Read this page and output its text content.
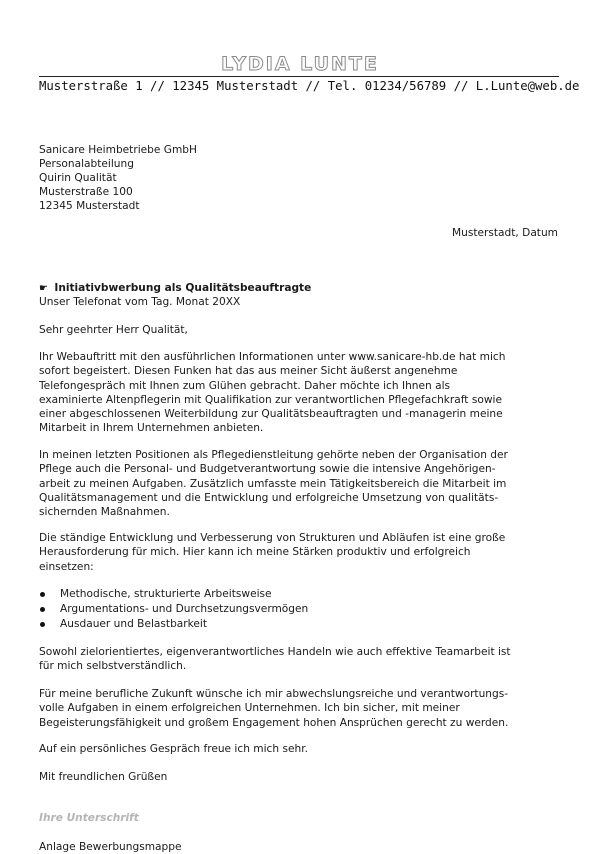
LYDIA LUNTE
Musterstraße 1 // 12345 Musterstadt // Tel. 01234/56789 // L.Lunte@web.de
Sanicare Heimbetriebe GmbH
Personalabteilung
Quirin Qualität
Musterstraße 100
12345 Musterstadt
Musterstadt, Datum
☛ Initiativbwerbung als Qualitätsbeauftragte
Unser Telefonat vom Tag. Monat 20XX
Sehr geehrter Herr Qualität,
Ihr Webauftritt mit den ausführlichen Informationen unter www.sanicare-hb.de hat mich
sofort begeistert. Diesen Funken hat das aus meiner Sicht äußerst angenehme
Telefongespräch mit Ihnen zum Glühen gebracht. Daher möchte ich Ihnen als
examinierte Altenpflegerin mit Qualifikation zur verantwortlichen Pflegefachkraft sowie
einer abgeschlossenen Weiterbildung zur Qualitätsbeauftragten und -managerin meine
Mitarbeit in Ihrem Unternehmen anbieten.
In meinen letzten Positionen als Pflegedienstleitung gehörte neben der Organisation der
Pflege auch die Personal- und Budgetverantwortung sowie die intensive Angehörigen-
arbeit zu meinen Aufgaben. Zusätzlich umfasste mein Tätigkeitsbereich die Mitarbeit im
Qualitätsmanagement und die Entwicklung und erfolgreiche Umsetzung von qualitäts-
sichernden Maßnahmen.
Die ständige Entwicklung und Verbesserung von Strukturen und Abläufen ist eine große
Herausforderung für mich. Hier kann ich meine Stärken produktiv und erfolgreich
einsetzen:
Methodische, strukturierte Arbeitsweise
Argumentations- und Durchsetzungsvermögen
Ausdauer und Belastbarkeit
Sowohl zielorientiertes, eigenverantwortliches Handeln wie auch effektive Teamarbeit ist
für mich selbstverständlich.
Für meine berufliche Zukunft wünsche ich mir abwechslungsreiche und verantwortungs-
volle Aufgaben in einem erfolgreichen Unternehmen. Ich bin sicher, mit meiner
Begeisterungsfähigkeit und großem Engagement hohen Ansprüchen gerecht zu werden.
Auf ein persönliches Gespräch freue ich mich sehr.
Mit freundlichen Grüßen
Ihre Unterschrift
Anlage Bewerbungsmappe
